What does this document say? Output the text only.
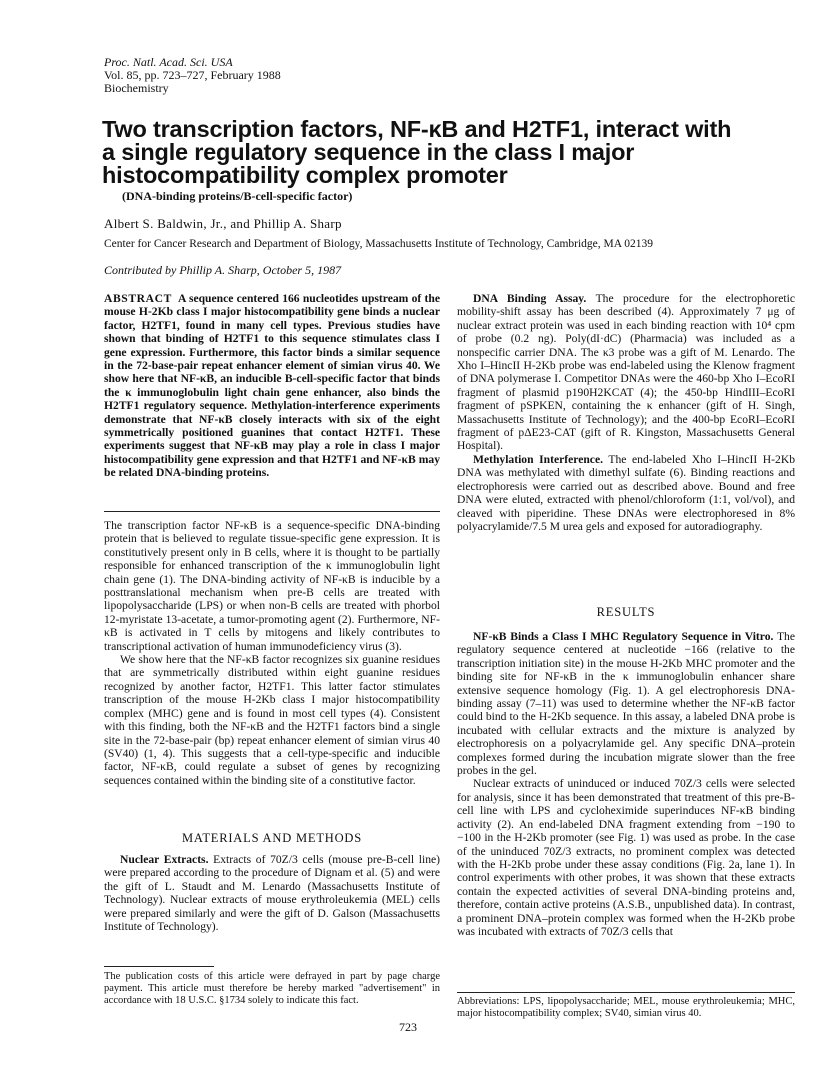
Proc. Natl. Acad. Sci. USA
Vol. 85, pp. 723–727, February 1988
Biochemistry
Two transcription factors, NF-κB and H2TF1, interact with a single regulatory sequence in the class I major histocompatibility complex promoter
(DNA-binding proteins/B-cell-specific factor)
Albert S. Baldwin, Jr., and Phillip A. Sharp
Center for Cancer Research and Department of Biology, Massachusetts Institute of Technology, Cambridge, MA 02139
Contributed by Phillip A. Sharp, October 5, 1987

ABSTRACT A sequence centered 166 nucleotides upstream of the mouse H-2Kb class I major histocompatibility gene binds a nuclear factor, H2TF1, found in many cell types. Previous studies have shown that binding of H2TF1 to this sequence stimulates class I gene expression. Furthermore, this factor binds a similar sequence in the 72-base-pair repeat enhancer element of simian virus 40. We show here that NF-κB, an inducible B-cell-specific factor that binds the κ immunoglobulin light chain gene enhancer, also binds the H2TF1 regulatory sequence. Methylation-interference experiments demonstrate that NF-κB closely interacts with six of the eight symmetrically positioned guanines that contact H2TF1. These experiments suggest that NF-κB may play a role in class I major histocompatibility gene expression and that H2TF1 and NF-κB may be related DNA-binding proteins.

The transcription factor NF-κB is a sequence-specific DNA-binding protein that is believed to regulate tissue-specific gene expression. It is constitutively present only in B cells, where it is thought to be partially responsible for enhanced transcription of the κ immunoglobulin light chain gene (1). The DNA-binding activity of NF-κB is inducible by a posttranslational mechanism when pre-B cells are treated with lipopolysaccharide (LPS) or when non-B cells are treated with phorbol 12-myristate 13-acetate, a tumor-promoting agent (2). Furthermore, NF-κB is activated in T cells by mitogens and likely contributes to transcriptional activation of human immunodeficiency virus (3).

We show here that the NF-κB factor recognizes six guanine residues that are symmetrically distributed within eight guanine residues recognized by another factor, H2TF1. This latter factor stimulates transcription of the mouse H-2Kb class I major histocompatibility complex (MHC) gene and is found in most cell types (4). Consistent with this finding, both the NF-κB and the H2TF1 factors bind a single site in the 72-base-pair (bp) repeat enhancer element of simian virus 40 (SV40) (1, 4). This suggests that a cell-type-specific and inducible factor, NF-κB, could regulate a subset of genes by recognizing sequences contained within the binding site of a constitutive factor.

MATERIALS AND METHODS

Nuclear Extracts. Extracts of 70Z/3 cells (mouse pre-B-cell line) were prepared according to the procedure of Dignam et al. (5) and were the gift of L. Staudt and M. Lenardo (Massachusetts Institute of Technology). Nuclear extracts of mouse erythroleukemia (MEL) cells were prepared similarly and were the gift of D. Galson (Massachusetts Institute of Technology).

The publication costs of this article were defrayed in part by page charge payment. This article must therefore be hereby marked "advertisement" in accordance with 18 U.S.C. §1734 solely to indicate this fact.

DNA Binding Assay. The procedure for the electrophoretic mobility-shift assay has been described (4). Approximately 7 μg of nuclear extract protein was used in each binding reaction with 10⁴ cpm of probe (0.2 ng). Poly(dI·dC) (Pharmacia) was included as a nonspecific carrier DNA. The κ3 probe was a gift of M. Lenardo. The Xho I–HincII H-2Kb probe was end-labeled using the Klenow fragment of DNA polymerase I. Competitor DNAs were the 460-bp Xho I–EcoRI fragment of plasmid p190H2KCAT (4); the 450-bp HindIII–EcoRI fragment of pSPKEN, containing the κ enhancer (gift of H. Singh, Massachusetts Institute of Technology); and the 400-bp EcoRI–EcoRI fragment of pΔE23-CAT (gift of R. Kingston, Massachusetts General Hospital).

Methylation Interference. The end-labeled Xho I–HincII H-2Kb DNA was methylated with dimethyl sulfate (6). Binding reactions and electrophoresis were carried out as described above. Bound and free DNA were eluted, extracted with phenol/chloroform (1:1, vol/vol), and cleaved with piperidine. These DNAs were electrophoresed in 8% polyacrylamide/7.5 M urea gels and exposed for autoradiography.

RESULTS

NF-κB Binds a Class I MHC Regulatory Sequence in Vitro. The regulatory sequence centered at nucleotide −166 (relative to the transcription initiation site) in the mouse H-2Kb MHC promoter and the binding site for NF-κB in the κ immunoglobulin enhancer share extensive sequence homology (Fig. 1). A gel electrophoresis DNA-binding assay (7–11) was used to determine whether the NF-κB factor could bind to the H-2Kb sequence. In this assay, a labeled DNA probe is incubated with cellular extracts and the mixture is analyzed by electrophoresis on a polyacrylamide gel. Any specific DNA–protein complexes formed during the incubation migrate slower than the free probes in the gel.

Nuclear extracts of uninduced or induced 70Z/3 cells were selected for analysis, since it has been demonstrated that treatment of this pre-B-cell line with LPS and cycloheximide superinduces NF-κB binding activity (2). An end-labeled DNA fragment extending from −190 to −100 in the H-2Kb promoter (see Fig. 1) was used as probe. In the case of the uninduced 70Z/3 extracts, no prominent complex was detected with the H-2Kb probe under these assay conditions (Fig. 2a, lane 1). In control experiments with other probes, it was shown that these extracts contain the expected activities of several DNA-binding proteins and, therefore, contain active proteins (A.S.B., unpublished data). In contrast, a prominent DNA–protein complex was formed when the H-2Kb probe was incubated with extracts of 70Z/3 cells that

Abbreviations: LPS, lipopolysaccharide; MEL, mouse erythroleukemia; MHC, major histocompatibility complex; SV40, simian virus 40.
723
